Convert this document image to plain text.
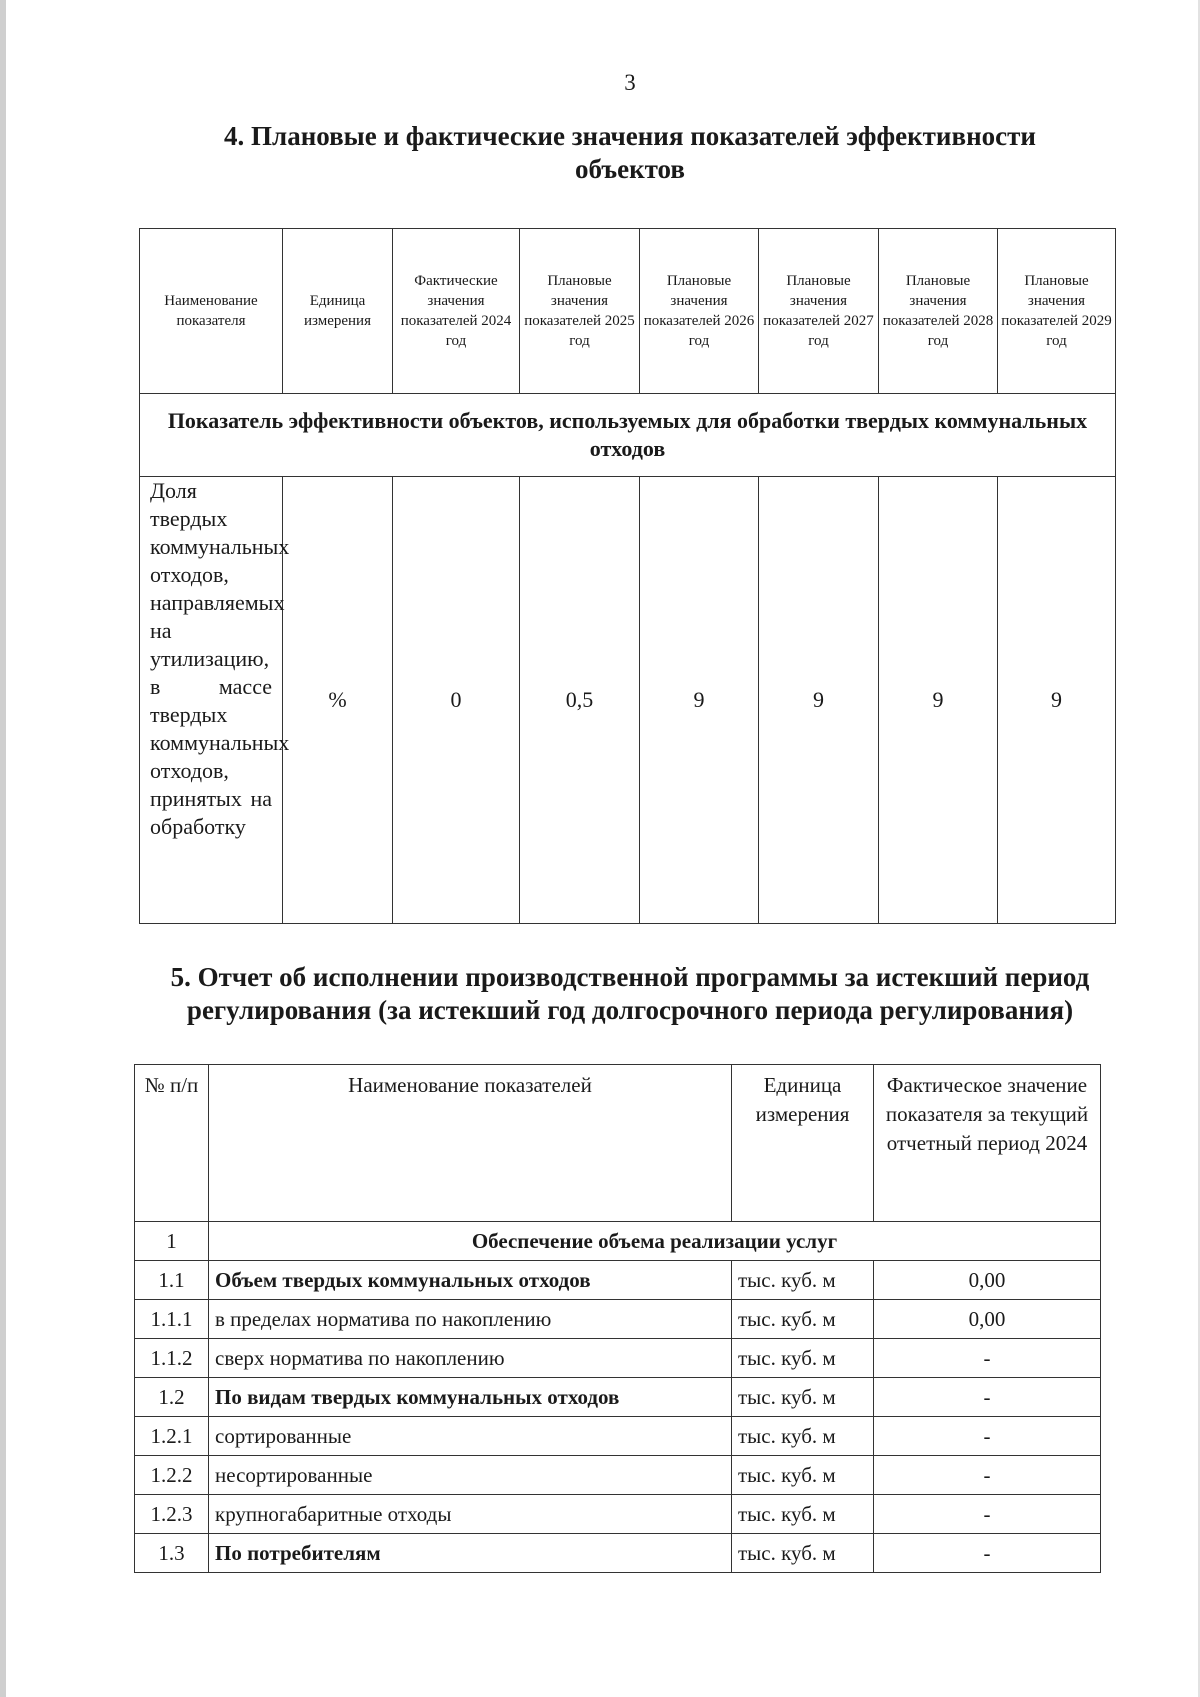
3
4. Плановые и фактические значения показателей эффективности объектов
Наименование показателя	Единица измерения	Фактические значения показателей 2024 год	Плановые значения показателей 2025 год	Плановые значения показателей 2026 год	Плановые значения показателей 2027 год	Плановые значения показателей 2028 год	Плановые значения показателей 2029 год
Показатель эффективности объектов, используемых для обработки твердых коммунальных отходов							
Доля твердых коммунальных отходов, направляемых на утилизацию, в массе твердых коммунальных отходов, принятых на обработку	%	0	0,5	9	9	9	9
5. Отчет об исполнении производственной программы за истекший период регулирования (за истекший год долгосрочного периода регулирования)
№ п/п	Наименование показателей	Единица измерения	Фактическое значение показателя за текущий отчетный период 2024
1	Обеспечение объема реализации услуг		
1.1	Объем твердых коммунальных отходов	тыс. куб. м	0,00
1.1.1	в пределах норматива по накоплению	тыс. куб. м	0,00
1.1.2	сверх норматива по накоплению	тыс. куб. м	-
1.2	По видам твердых коммунальных отходов	тыс. куб. м	-
1.2.1	сортированные	тыс. куб. м	-
1.2.2	несортированные	тыс. куб. м	-
1.2.3	крупногабаритные отходы	тыс. куб. м	-
1.3	По потребителям	тыс. куб. м	-
